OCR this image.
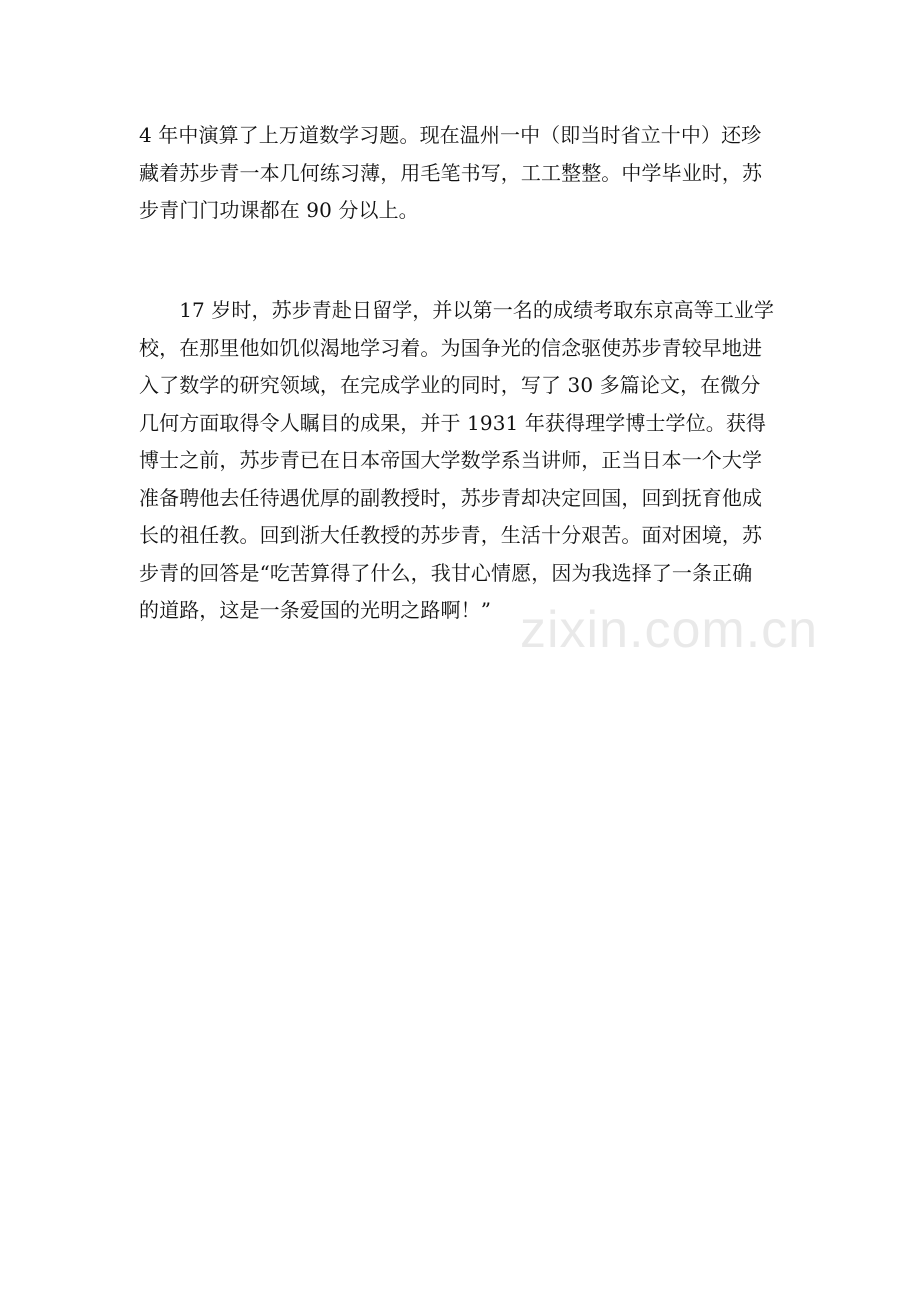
4 年中演算了上万道数学习题。现在温州一中（即当时省立十中）还珍
藏着苏步青一本几何练习薄，用毛笔书写，工工整整。中学毕业时，苏
步青门门功课都在 90 分以上。
　　17 岁时，苏步青赴日留学，并以第一名的成绩考取东京高等工业学
校，在那里他如饥似渴地学习着。为国争光的信念驱使苏步青较早地进
入了数学的研究领域，在完成学业的同时，写了 30 多篇论文，在微分
几何方面取得令人瞩目的成果，并于 1931 年获得理学博士学位。获得
博士之前，苏步青已在日本帝国大学数学系当讲师，正当日本一个大学
准备聘他去任待遇优厚的副教授时，苏步青却决定回国，回到抚育他成
长的祖任教。回到浙大任教授的苏步青，生活十分艰苦。面对困境，苏
步青的回答是“吃苦算得了什么，我甘心情愿，因为我选择了一条正确
的道路，这是一条爱国的光明之路啊！” zixin.com.cn
